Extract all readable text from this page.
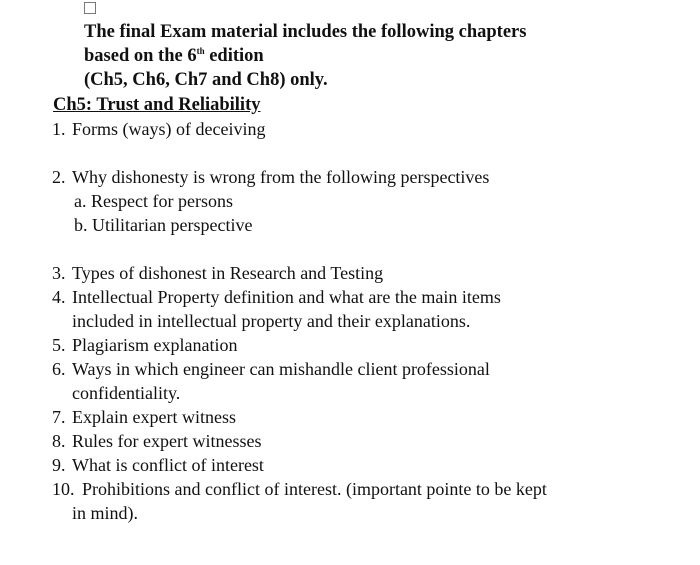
The final Exam material includes the following chapters
based on the 6th edition
(Ch5, Ch6, Ch7 and Ch8) only.
Ch5: Trust and Reliability
1. Forms (ways) of deceiving
2. Why dishonesty is wrong from the following perspectives
a. Respect for persons
b. Utilitarian perspective
3. Types of dishonest in Research and Testing
4. Intellectual Property definition and what are the main items
included in intellectual property and their explanations.
5. Plagiarism explanation
6. Ways in which engineer can mishandle client professional
confidentiality.
7. Explain expert witness
8. Rules for expert witnesses
9. What is conflict of interest
10. Prohibitions and conflict of interest. (important pointe to be kept
in mind).
